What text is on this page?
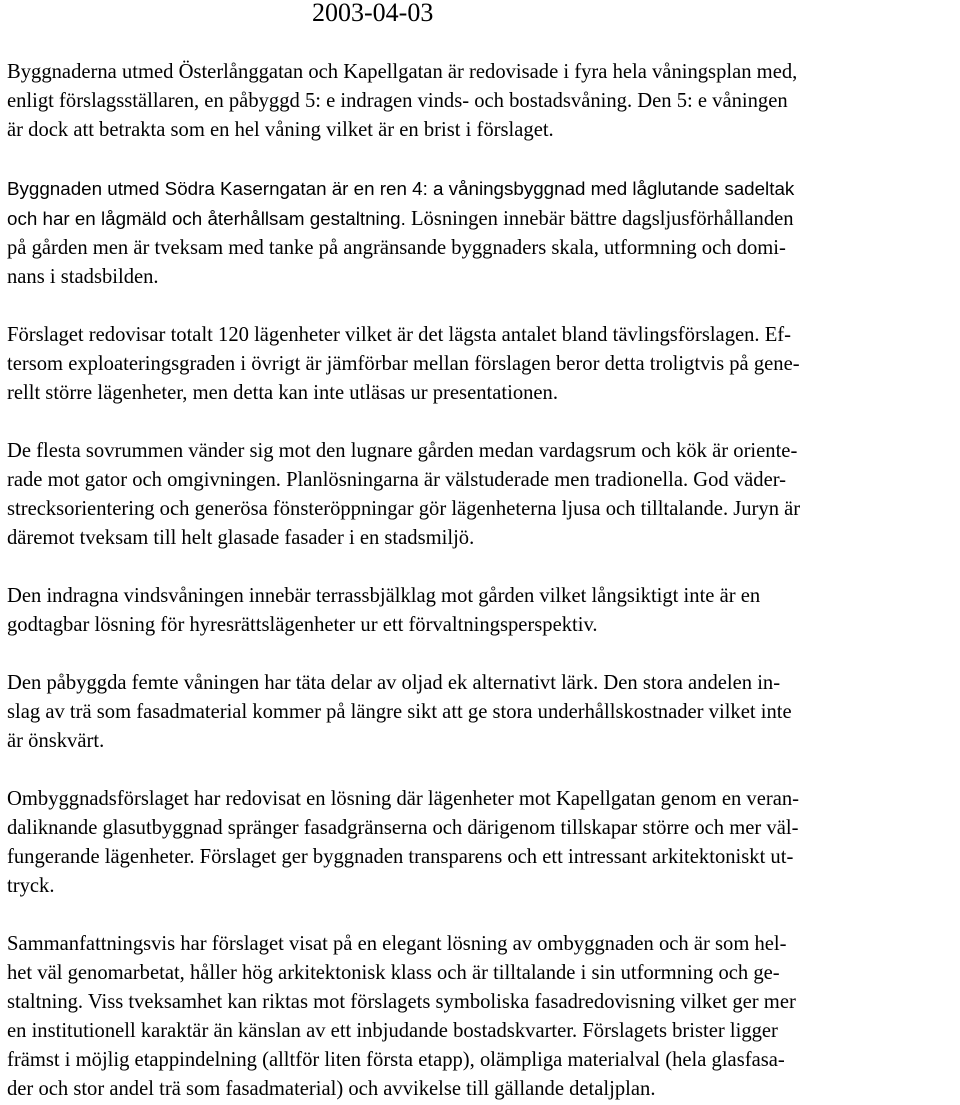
2003-04-03
Byggnaderna utmed Österlånggatan och Kapellgatan är redovisade i fyra hela våningsplan med,
enligt förslagsställaren, en påbyggd 5: e indragen vinds- och bostadsvåning. Den 5: e våningen
är dock att betrakta som en hel våning vilket är en brist i förslaget.
Byggnaden utmed Södra Kaserngatan är en ren 4: a våningsbyggnad med låglutande sadeltak
och har en lågmäld och återhållsam gestaltning. Lösningen innebär bättre dagsljusförhållanden
på gården men är tveksam med tanke på angränsande byggnaders skala, utformning och domi-
nans i stadsbilden.
Förslaget redovisar totalt 120 lägenheter vilket är det lägsta antalet bland tävlingsförslagen. Ef-
tersom exploateringsgraden i övrigt är jämförbar mellan förslagen beror detta troligtvis på gene-
rellt större lägenheter, men detta kan inte utläsas ur presentationen.
De flesta sovrummen vänder sig mot den lugnare gården medan vardagsrum och kök är oriente-
rade mot gator och omgivningen. Planlösningarna är välstuderade men tradionella. God väder-
strecksorientering och generösa fönsteröppningar gör lägenheterna ljusa och tilltalande. Juryn är
däremot tveksam till helt glasade fasader i en stadsmiljö.
Den indragna vindsvåningen innebär terrassbjälklag mot gården vilket långsiktigt inte är en
godtagbar lösning för hyresrättslägenheter ur ett förvaltningsperspektiv.
Den påbyggda femte våningen har täta delar av oljad ek alternativt lärk. Den stora andelen in-
slag av trä som fasadmaterial kommer på längre sikt att ge stora underhållskostnader vilket inte
är önskvärt.
Ombyggnadsförslaget har redovisat en lösning där lägenheter mot Kapellgatan genom en veran-
daliknande glasutbyggnad spränger fasadgränserna och därigenom tillskapar större och mer väl-
fungerande lägenheter. Förslaget ger byggnaden transparens och ett intressant arkitektoniskt ut-
tryck.
Sammanfattningsvis har förslaget visat på en elegant lösning av ombyggnaden och är som hel-
het väl genomarbetat, håller hög arkitektonisk klass och är tilltalande i sin utformning och ge-
staltning. Viss tveksamhet kan riktas mot förslagets symboliska fasadredovisning vilket ger mer
en institutionell karaktär än känslan av ett inbjudande bostadskvarter. Förslagets brister ligger
främst i möjlig etappindelning (alltför liten första etapp), olämpliga materialval (hela glasfasa-
der och stor andel trä som fasadmaterial) och avvikelse till gällande detaljplan.
